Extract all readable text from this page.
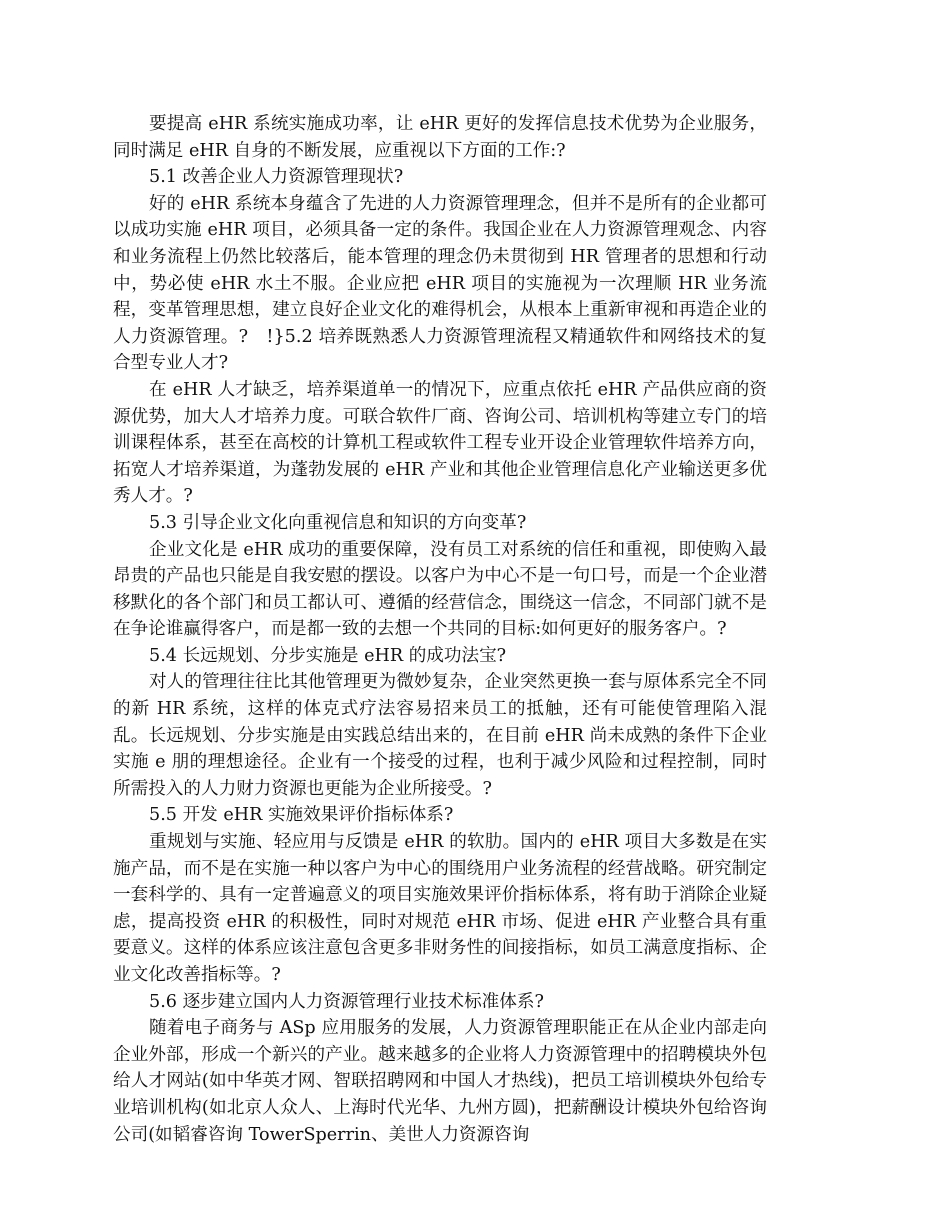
要提高 eHR 系统实施成功率，让 eHR 更好的发挥信息技术优势为企业服务，同时满足 eHR 自身的不断发展，应重视以下方面的工作:?

5.1 改善企业人力资源管理现状?

好的 eHR 系统本身蕴含了先进的人力资源管理理念，但并不是所有的企业都可以成功实施 eHR 项目，必须具备一定的条件。我国企业在人力资源管理观念、内容和业务流程上仍然比较落后，能本管理的理念仍未贯彻到 HR 管理者的思想和行动中，势必使 eHR 水土不服。企业应把 eHR 项目的实施视为一次理顺 HR 业务流程，变革管理思想，建立良好企业文化的难得机会，从根本上重新审视和再造企业的人力资源管理。?　!}5.2 培养既熟悉人力资源管理流程又精通软件和网络技术的复合型专业人才?

在 eHR 人才缺乏，培养渠道单一的情况下，应重点依托 eHR 产品供应商的资源优势，加大人才培养力度。可联合软件厂商、咨询公司、培训机构等建立专门的培训课程体系，甚至在高校的计算机工程或软件工程专业开设企业管理软件培养方向，拓宽人才培养渠道，为蓬勃发展的 eHR 产业和其他企业管理信息化产业输送更多优秀人才。?

5.3 引导企业文化向重视信息和知识的方向变革?

企业文化是 eHR 成功的重要保障，没有员工对系统的信任和重视，即使购入最昂贵的产品也只能是自我安慰的摆设。以客户为中心不是一句口号，而是一个企业潜移默化的各个部门和员工都认可、遵循的经营信念，围绕这一信念，不同部门就不是在争论谁赢得客户，而是都一致的去想一个共同的目标:如何更好的服务客户。?

5.4 长远规划、分步实施是 eHR 的成功法宝?

对人的管理往往比其他管理更为微妙复杂，企业突然更换一套与原体系完全不同的新 HR 系统，这样的体克式疗法容易招来员工的抵触，还有可能使管理陷入混乱。长远规划、分步实施是由实践总结出来的，在目前 eHR 尚未成熟的条件下企业实施 e 朋的理想途径。企业有一个接受的过程，也利于减少风险和过程控制，同时所需投入的人力财力资源也更能为企业所接受。?

5.5 开发 eHR 实施效果评价指标体系?

重规划与实施、轻应用与反馈是 eHR 的软肋。国内的 eHR 项目大多数是在实施产品，而不是在实施一种以客户为中心的围绕用户业务流程的经营战略。研究制定一套科学的、具有一定普遍意义的项目实施效果评价指标体系，将有助于消除企业疑虑，提高投资 eHR 的积极性，同时对规范 eHR 市场、促进 eHR 产业整合具有重要意义。这样的体系应该注意包含更多非财务性的间接指标，如员工满意度指标、企业文化改善指标等。?

5.6 逐步建立国内人力资源管理行业技术标准体系?

随着电子商务与 ASp 应用服务的发展，人力资源管理职能正在从企业内部走向企业外部，形成一个新兴的产业。越来越多的企业将人力资源管理中的招聘模块外包给人才网站(如中华英才网、智联招聘网和中国人才热线)，把员工培训模块外包给专业培训机构(如北京人众人、上海时代光华、九州方圆)，把薪酬设计模块外包给咨询公司(如韬睿咨询 TowerSperrin、美世人力资源咨询
